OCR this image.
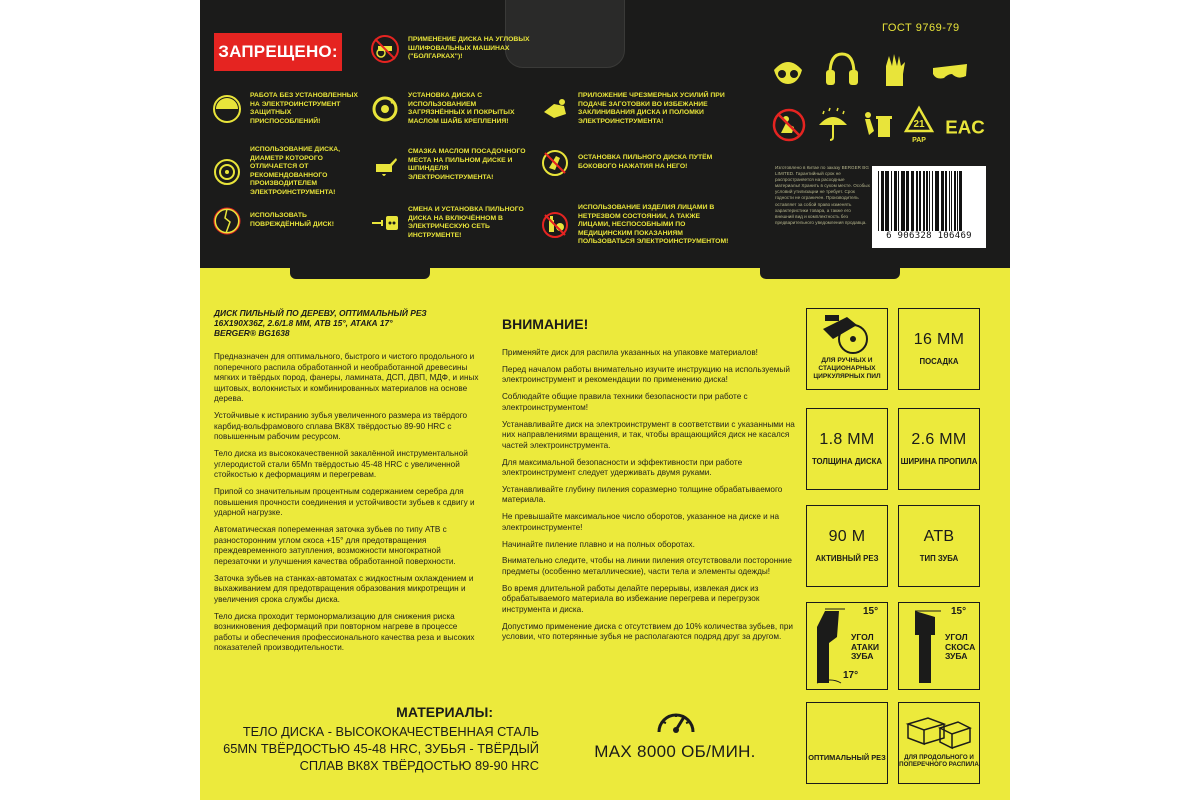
ЗАПРЕЩЕНО:
ПРИМЕНЕНИЕ ДИСКА НА УГЛОВЫХ ШЛИФОВАЛЬНЫХ МАШИНАХ ("БОЛГАРКАХ")!
РАБОТА БЕЗ УСТАНОВЛЕННЫХ НА ЭЛЕКТРОИНСТРУМЕНТ ЗАЩИТНЫХ ПРИСПОСОБЛЕНИЙ!
УСТАНОВКА ДИСКА С ИСПОЛЬЗОВАНИЕМ ЗАГРЯЗНЁННЫХ И ПОКРЫТЫХ МАСЛОМ ШАЙБ КРЕПЛЕНИЯ!
ПРИЛОЖЕНИЕ ЧРЕЗМЕРНЫХ УСИЛИЙ ПРИ ПОДАЧЕ ЗАГОТОВКИ ВО ИЗБЕЖАНИЕ ЗАКЛИНИВАНИЯ ДИСКА И ПОЛОМКИ ЭЛЕКТРОИНСТРУМЕНТА!
ИСПОЛЬЗОВАНИЕ ДИСКА, ДИАМЕТР КОТОРОГО ОТЛИЧАЕТСЯ ОТ РЕКОМЕНДОВАННОГО ПРОИЗВОДИТЕЛЕМ ЭЛЕКТРОИНСТРУМЕНТА!
СМАЗКА МАСЛОМ ПОСАДОЧНОГО МЕСТА НА ПИЛЬНОМ ДИСКЕ И ШПИНДЕЛЯ ЭЛЕКТРОИНСТРУМЕНТА!
ОСТАНОВКА ПИЛЬНОГО ДИСКА ПУТЁМ БОКОВОГО НАЖАТИЯ НА НЕГО!
ИСПОЛЬЗОВАТЬ ПОВРЕЖДЁННЫЙ ДИСК!
СМЕНА И УСТАНОВКА ПИЛЬНОГО ДИСКА НА ВКЛЮЧЁННОМ В ЭЛЕКТРИЧЕСКУЮ СЕТЬ ИНСТРУМЕНТЕ!
ИСПОЛЬЗОВАНИЕ ИЗДЕЛИЯ ЛИЦАМИ В НЕТРЕЗВОМ СОСТОЯНИИ, А ТАКЖЕ ЛИЦАМИ, НЕСПОСОБНЫМИ ПО МЕДИЦИНСКИМ ПОКАЗАНИЯМ ПОЛЬЗОВАТЬСЯ ЭЛЕКТРОИНСТРУМЕНТОМ!
ГОСТ 9769-79
21
PAP
EAC
Изготовлено в Китае по заказу BERGER BG LIMITED. Гарантийный срок не распространяется на расходные материалы! Хранить в сухом месте. Особых условий утилизации не требует. Срок годности не ограничен. Производитель оставляет за собой право изменять характеристики товара, а также его внешний вид и комплектность без предварительного уведомления продавца.
6 906328 106469
ДИСК ПИЛЬНЫЙ ПО ДЕРЕВУ, ОПТИМАЛЬНЫЙ РЕЗ 16X190X36Z, 2.6/1.8 ММ, ATB 15°, АТАКА 17°
BERGER® BG1638

Предназначен для оптимального, быстрого и чистого продольного и поперечного распила обработанной и необработанной древесины мягких и твёрдых пород, фанеры, ламината, ДСП, ДВП, МДФ, и иных щитовых, волокнистых и комбинированных материалов на основе дерева.

Устойчивые к истиранию зубья увеличенного размера из твёрдого карбид-вольфрамового сплава ВК8Х твёрдостью 89-90 HRC с повышенным рабочим ресурсом.

Тело диска из высококачественной закалённой инструментальной углеродистой стали 65Mn твёрдостью 45-48 HRC с увеличенной стойкостью к деформациям и перегревам.

Припой со значительным процентным содержанием серебра для повышения прочности соединения и устойчивости зубьев к сдвигу и ударной нагрузке.

Автоматическая попеременная заточка зубьев по типу ATB с разносторонним углом скоса +15° для предотвращения преждевременного затупления, возможности многократной перезаточки и улучшения качества обработанной поверхности.

Заточка зубьев на станках-автоматах с жидкостным охлаждением и выхаживанием для предотвращения образования микротрещин и увеличения срока службы диска.

Тело диска проходит термонормализацию для снижения риска возникновения деформаций при повторном нагреве в процессе работы и обеспечения профессионального качества реза и высоких показателей производительности.

ВНИМАНИЕ!

Применяйте диск для распила указанных на упаковке материалов!

Перед началом работы внимательно изучите инструкцию на используемый электроинструмент и рекомендации по применению диска!

Соблюдайте общие правила техники безопасности при работе с электроинструментом!

Устанавливайте диск на электроинструмент в соответствии с указанными на них направлениями вращения, и так, чтобы вращающийся диск не касался частей электроинструмента.

Для максимальной безопасности и эффективности при работе электроинструмент следует удерживать двумя руками.

Устанавливайте глубину пиления соразмерно толщине обрабатываемого материала.

Не превышайте максимальное число оборотов, указанное на диске и на электроинструменте!

Начинайте пиление плавно и на полных оборотах.

Внимательно следите, чтобы на линии пиления отсутствовали посторонние предметы (особенно металлические), части тела и элементы одежды!

Во время длительной работы делайте перерывы, извлекая диск из обрабатываемого материала во избежание перегрева и перегрузок инструмента и диска.

Допустимо применение диска с отсутствием до 10% количества зубьев, при условии, что потерянные зубья не располагаются подряд друг за другом.

МАТЕРИАЛЫ:
ТЕЛО ДИСКА - ВЫСОКОКАЧЕСТВЕННАЯ СТАЛЬ
65MN ТВЁРДОСТЬЮ 45-48 HRC, ЗУБЬЯ - ТВЁРДЫЙ
СПЛАВ ВК8Х ТВЁРДОСТЬЮ 89-90 HRC
MAX 8000 ОБ/МИН.
ДЛЯ РУЧНЫХ И СТАЦИОНАРНЫХ ЦИРКУЛЯРНЫХ ПИЛ
16 ММ
ПОСАДКА
1.8 ММ
ТОЛЩИНА ДИСКА
2.6 ММ
ШИРИНА ПРОПИЛА
90 М
АКТИВНЫЙ РЕЗ
ATB
ТИП ЗУБА
15°
УГОЛ АТАКИ ЗУБА
17°
15°
УГОЛ СКОСА ЗУБА
ОПТИМАЛЬНЫЙ РЕЗ	ДЛЯ ПРОДОЛЬНОГО И ПОПЕРЕЧНОГО РАСПИЛА
